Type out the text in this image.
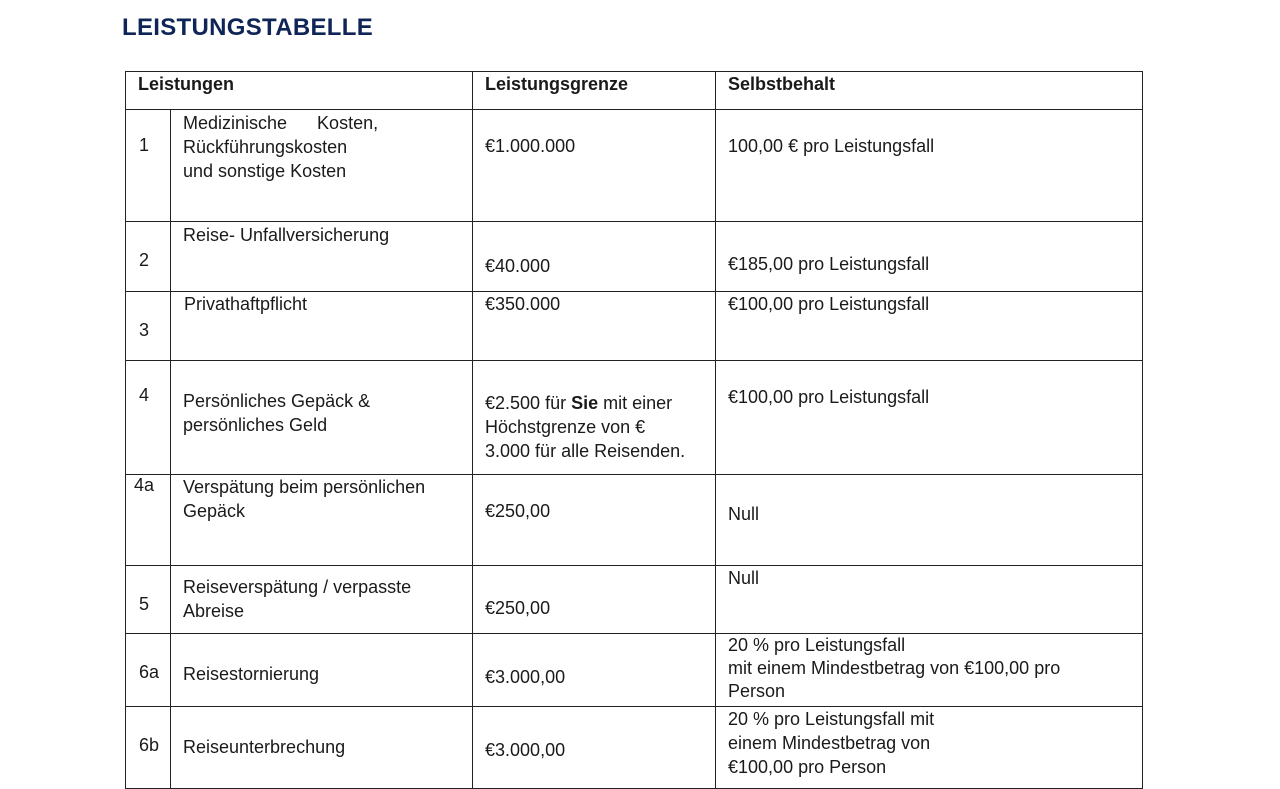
LEISTUNGSTABELLE
Leistungen		Leistungsgrenze	Selbstbehalt

1	Medizinische      Kosten,
Rückführungskosten
und sonstige Kosten	€1.000.000	100,00 € pro Leistungsfall

2	Reise- Unfallversicherung	€40.000	€185,00 pro Leistungsfall

3	Privathaftpflicht	€350.000	€100,00 pro Leistungsfall

4	Persönliches Gepäck &
persönliches Geld	€2.500 für Sie mit einer
Höchstgrenze von €
3.000 für alle Reisenden.	€100,00 pro Leistungsfall

4a	Verspätung beim persönlichen
Gepäck	€250,00	Null

5	Reiseverspätung / verpasste
Abreise	€250,00	Null

6a	Reisestornierung	€3.000,00	20 % pro Leistungsfall
mit einem Mindestbetrag von €100,00 pro
Person

6b	Reiseunterbrechung	€3.000,00	20 % pro Leistungsfall mit
einem Mindestbetrag von
€100,00 pro Person
